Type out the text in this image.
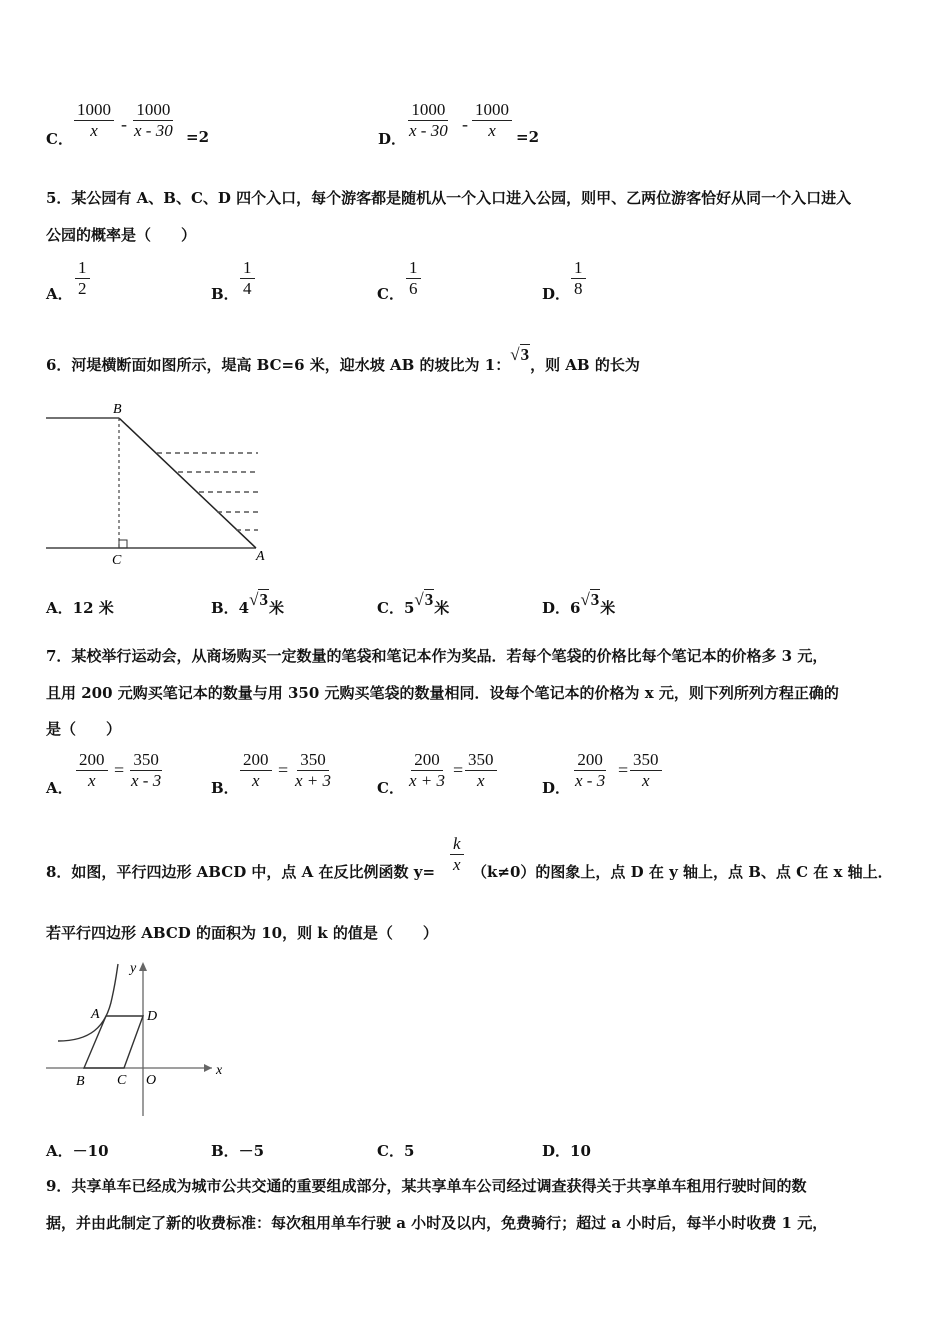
C． $\frac{1000}{x} - \frac{1000}{x - 30} =2$	D． $\frac{1000}{x - 30} - \frac{1000}{x} =2$
5．某公园有 A、B、C、D 四个入口，每个游客都是随机从一个入口进入公园，则甲、乙两位游客恰好从同一个入口进入
公园的概率是（　　）
A． $\frac{1}{2}$	B． $\frac{1}{4}$	C． $\frac{1}{6}$	D． $\frac{1}{8}$
6．河堤横断面如图所示，堤高 BC=6 米，迎水坡 AB 的坡比为 1：√3，则 AB 的长为
B
C	A
A．12 米	B．4√3米	C．5√3米	D．6√3米
7．某校举行运动会，从商场购买一定数量的笔袋和笔记本作为奖品．若每个笔袋的价格比每个笔记本的价格多 3 元，
且用 200 元购买笔记本的数量与用 350 元购买笔袋的数量相同．设每个笔记本的价格为 x 元，则下列所列方程正确的
是（　　）
A． $\frac{200}{x} = \frac{350}{x - 3}$	B． $\frac{200}{x} = \frac{350}{x + 3}$	C． $\frac{200}{x + 3} = \frac{350}{x}$	D． $\frac{200}{x - 3} = \frac{350}{x}$
8．如图，平行四边形 ABCD 中，点 A 在反比例函数 $y= \frac{k}{x} (k\ne 0)$的图象上，点 D 在 y 轴上，点 B、点 C 在 x 轴上．
若平行四边形 ABCD 的面积为 10，则 k 的值是（　　）
y
x
A	D
B C O
A．－10	B．－5	C．5	D．10
9．共享单车已经成为城市公共交通的重要组成部分，某共享单车公司经过调查获得关于共享单车租用行驶时间的数
据，并由此制定了新的收费标准：每次租用单车行驶 a 小时及以内，免费骑行；超过 a 小时后，每半小时收费 1 元，
